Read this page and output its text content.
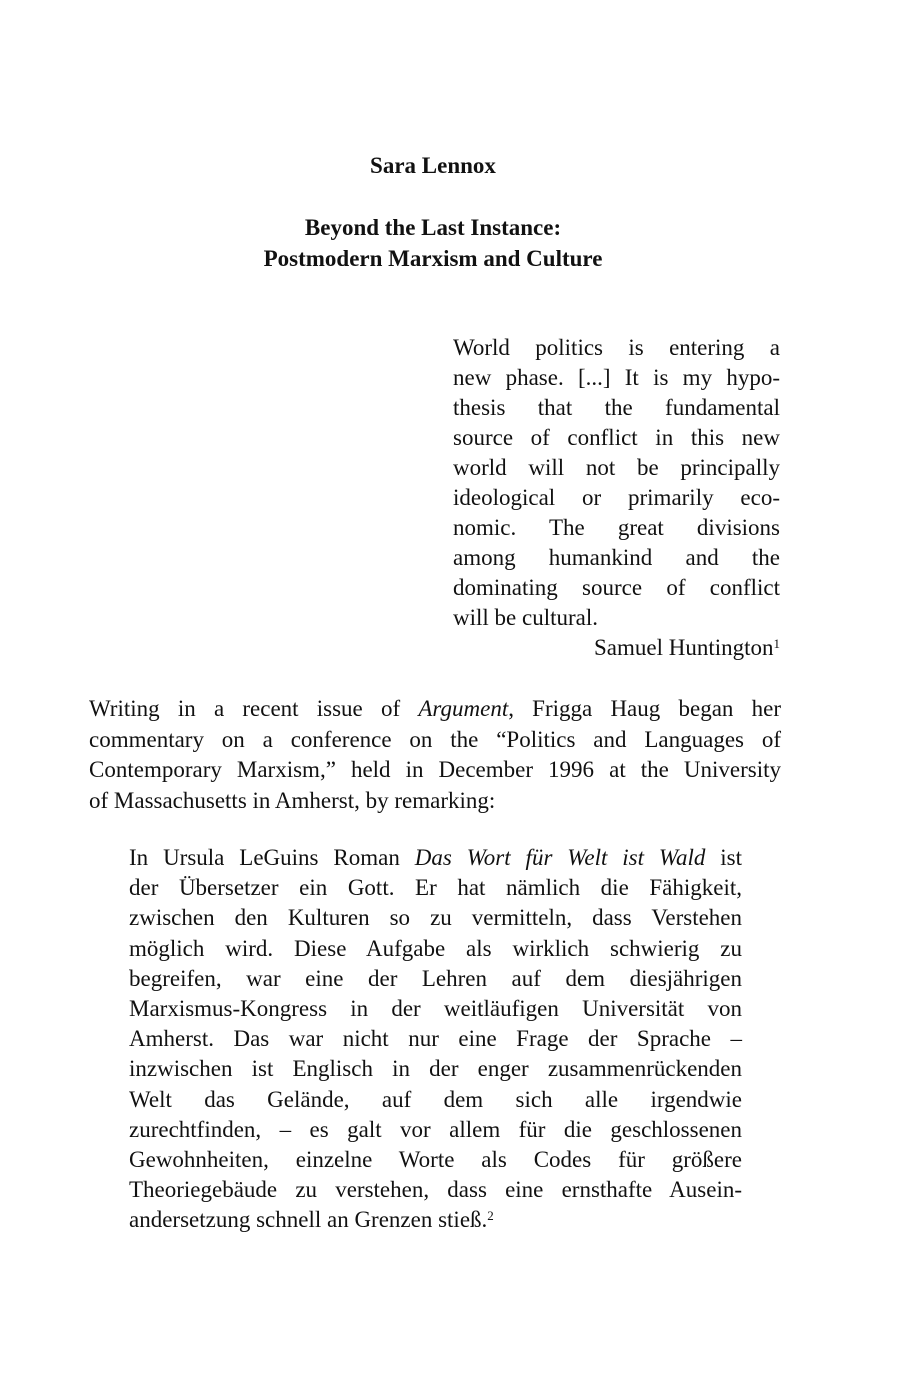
Sara Lennox
Beyond the Last Instance:
Postmodern Marxism and Culture
World politics is entering a
new phase. [...] It is my hypo-
thesis that the fundamental
source of conflict in this new
world will not be principally
ideological or primarily eco-
nomic. The great divisions
among humankind and the
dominating source of conflict
will be cultural.
Samuel Huntington$^1$
Writing in a recent issue of Argument, Frigga Haug began her
commentary on a conference on the “Politics and Languages of
Contemporary Marxism,” held in December 1996 at the University
of Massachusetts in Amherst, by remarking:
In Ursula LeGuins Roman Das Wort für Welt ist Wald ist
der Übersetzer ein Gott. Er hat nämlich die Fähigkeit,
zwischen den Kulturen so zu vermitteln, dass Verstehen
möglich wird. Diese Aufgabe als wirklich schwierig zu
begreifen, war eine der Lehren auf dem diesjährigen
Marxismus-Kongress in der weitläufigen Universität von
Amherst. Das war nicht nur eine Frage der Sprache –
inzwischen ist Englisch in der enger zusammenrückenden
Welt das Gelände, auf dem sich alle irgendwie
zurechtfinden, – es galt vor allem für die geschlossenen
Gewohnheiten, einzelne Worte als Codes für größere
Theoriegebäude zu verstehen, dass eine ernsthafte Ausein-
andersetzung schnell an Grenzen stieß.$^2$
